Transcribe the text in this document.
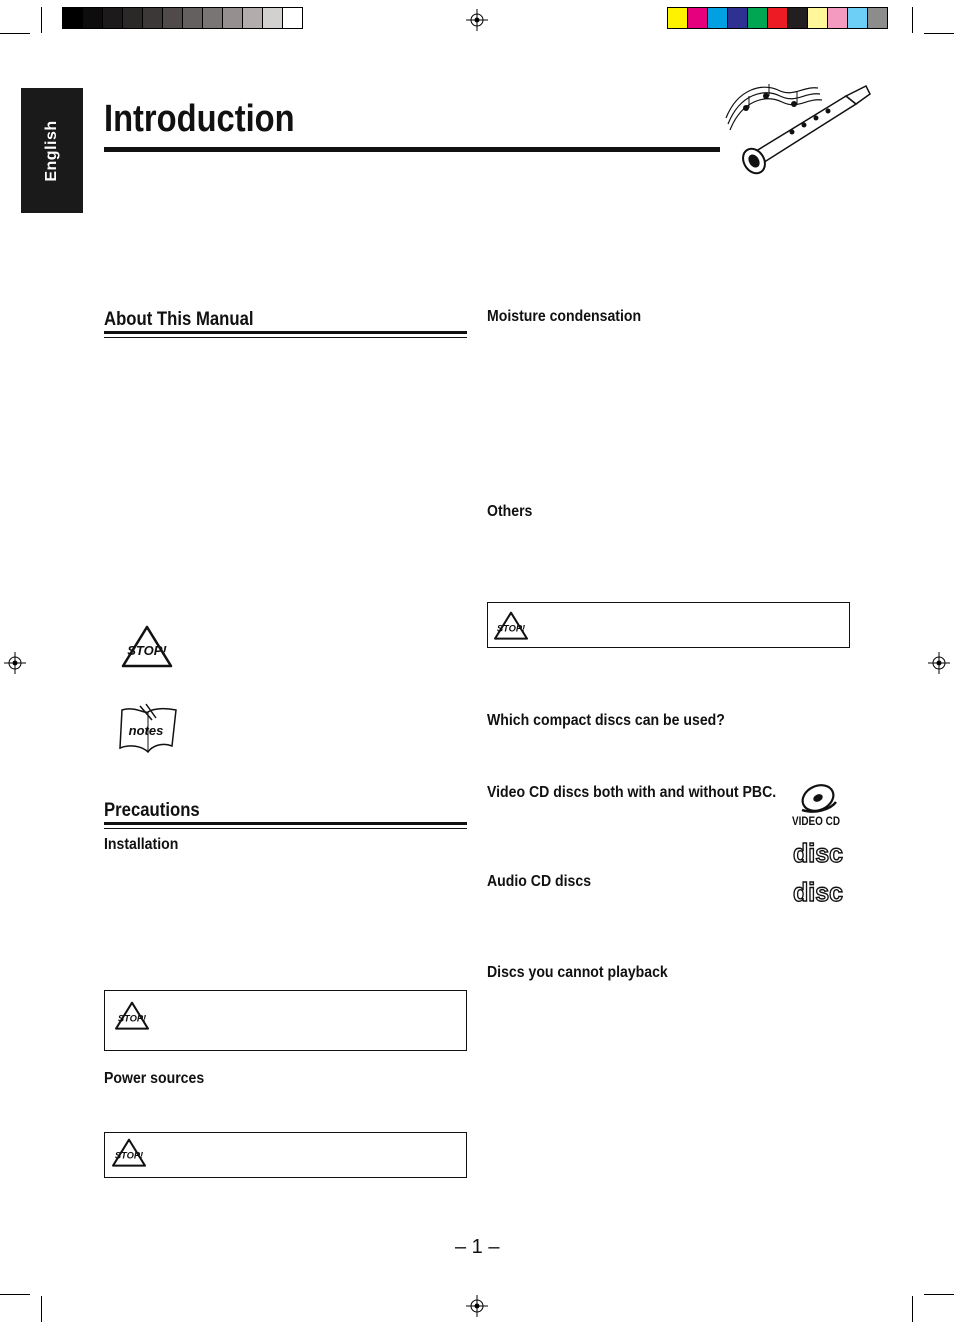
English
Introduction
About This Manual
STOP!
notes
Precautions
Installation
STOP!
Power sources
STOP!
Moisture condensation
Others
STOP!
Which compact discs can be used?
Video CD discs both with and without PBC.
VIDEO CD
disc
Audio CD discs	disc
Discs you cannot playback
– 1 –
